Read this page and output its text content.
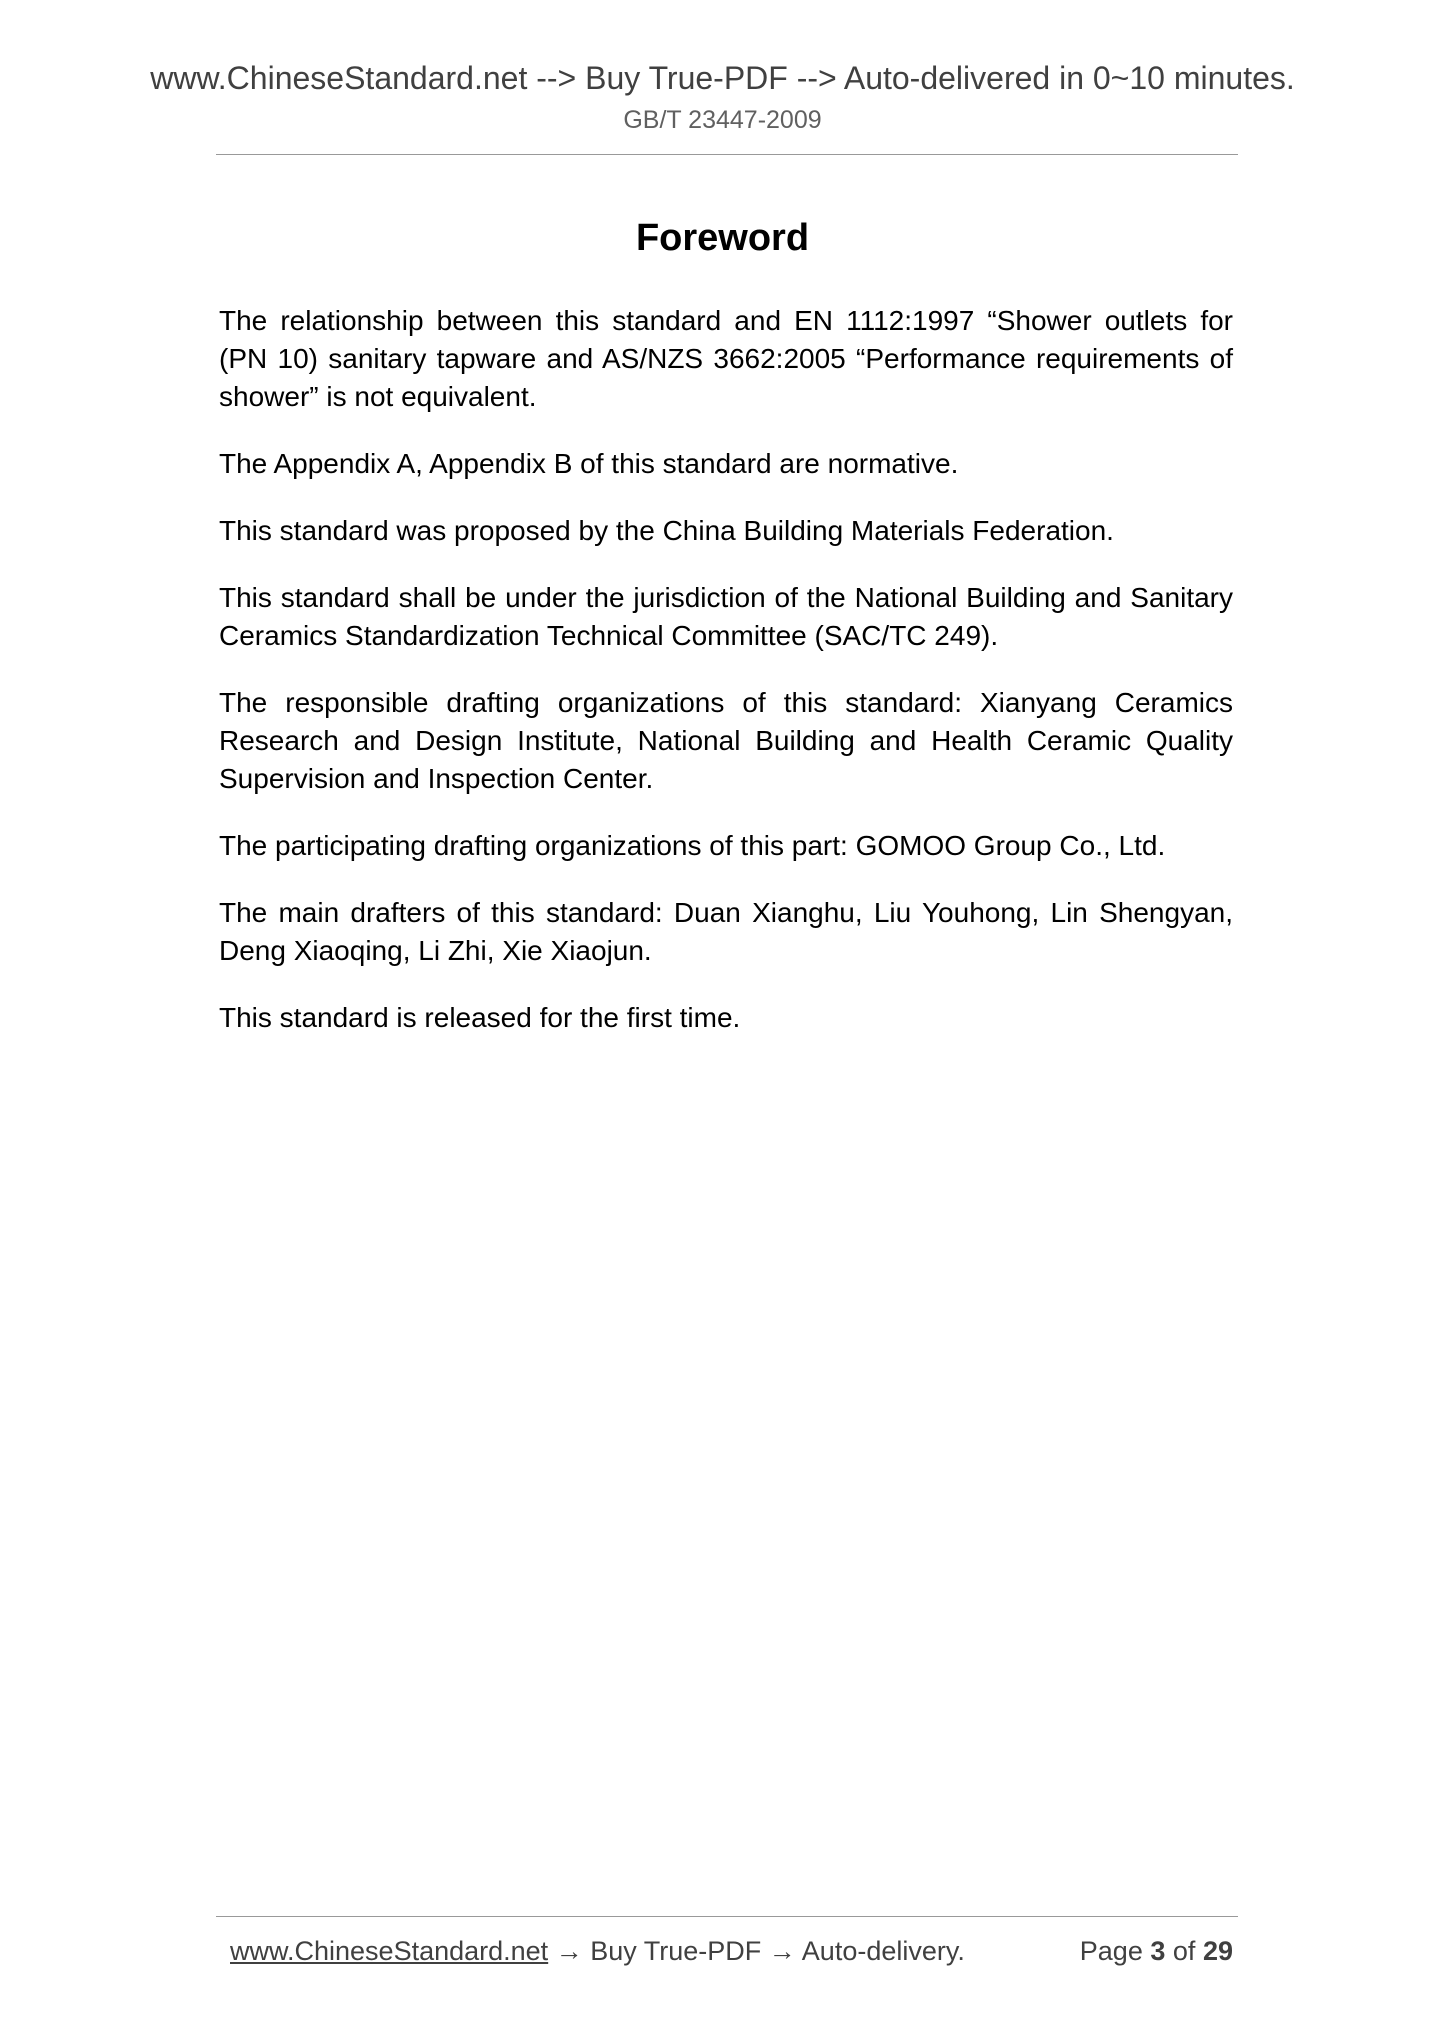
www.ChineseStandard.net --> Buy True-PDF --> Auto-delivered in 0~10 minutes.
GB/T 23447-2009
Foreword

The relationship between this standard and EN 1112:1997 “Shower outlets for (PN 10) sanitary tapware and AS/NZS 3662:2005 “Performance requirements of shower” is not equivalent.

The Appendix A, Appendix B of this standard are normative.

This standard was proposed by the China Building Materials Federation.

This standard shall be under the jurisdiction of the National Building and Sanitary Ceramics Standardization Technical Committee (SAC/TC 249).

The responsible drafting organizations of this standard: Xianyang Ceramics Research and Design Institute, National Building and Health Ceramic Quality Supervision and Inspection Center.

The participating drafting organizations of this part: GOMOO Group Co., Ltd.

The main drafters of this standard: Duan Xianghu, Liu Youhong, Lin Shengyan, Deng Xiaoqing, Li Zhi, Xie Xiaojun.

This standard is released for the first time.

www.ChineseStandard.net → Buy True-PDF → Auto-delivery.	Page 3 of 29
